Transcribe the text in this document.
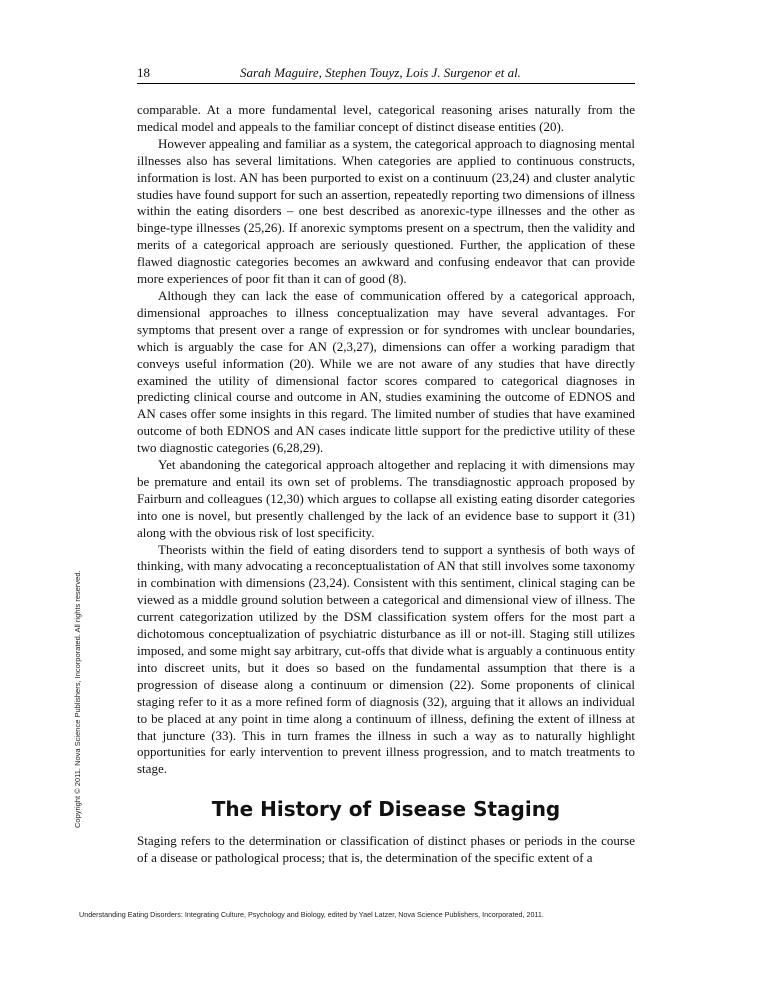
18	Sarah Maguire, Stephen Touyz, Lois J. Surgenor et al.

comparable. At a more fundamental level, categorical reasoning arises naturally from the medical model and appeals to the familiar concept of distinct disease entities (20).

However appealing and familiar as a system, the categorical approach to diagnosing mental illnesses also has several limitations. When categories are applied to continuous constructs, information is lost. AN has been purported to exist on a continuum (23,24) and cluster analytic studies have found support for such an assertion, repeatedly reporting two dimensions of illness within the eating disorders – one best described as anorexic-type illnesses and the other as binge-type illnesses (25,26). If anorexic symptoms present on a spectrum, then the validity and merits of a categorical approach are seriously questioned. Further, the application of these flawed diagnostic categories becomes an awkward and confusing endeavor that can provide more experiences of poor fit than it can of good (8).

Although they can lack the ease of communication offered by a categorical approach, dimensional approaches to illness conceptualization may have several advantages. For symptoms that present over a range of expression or for syndromes with unclear boundaries, which is arguably the case for AN (2,3,27), dimensions can offer a working paradigm that conveys useful information (20). While we are not aware of any studies that have directly examined the utility of dimensional factor scores compared to categorical diagnoses in predicting clinical course and outcome in AN, studies examining the outcome of EDNOS and AN cases offer some insights in this regard. The limited number of studies that have examined outcome of both EDNOS and AN cases indicate little support for the predictive utility of these two diagnostic categories (6,28,29).

Yet abandoning the categorical approach altogether and replacing it with dimensions may be premature and entail its own set of problems. The transdiagnostic approach proposed by Fairburn and colleagues (12,30) which argues to collapse all existing eating disorder categories into one is novel, but presently challenged by the lack of an evidence base to support it (31) along with the obvious risk of lost specificity.

Theorists within the field of eating disorders tend to support a synthesis of both ways of thinking, with many advocating a reconceptualistation of AN that still involves some taxonomy in combination with dimensions (23,24). Consistent with this sentiment, clinical staging can be viewed as a middle ground solution between a categorical and dimensional view of illness. The current categorization utilized by the DSM classification system offers for the most part a dichotomous conceptualization of psychiatric disturbance as ill or not-ill. Staging still utilizes imposed, and some might say arbitrary, cut-offs that divide what is arguably a continuous entity into discreet units, but it does so based on the fundamental assumption that there is a progression of disease along a continuum or dimension (22). Some proponents of clinical staging refer to it as a more refined form of diagnosis (32), arguing that it allows an individual to be placed at any point in time along a continuum of illness, defining the extent of illness at that juncture (33). This in turn frames the illness in such a way as to naturally highlight opportunities for early intervention to prevent illness progression, and to match treatments to stage.

The History of Disease Staging

Staging refers to the determination or classification of distinct phases or periods in the course of a disease or pathological process; that is, the determination of the specific extent of a

Copyright © 2011. Nova Science Publishers, Incorporated. All rights reserved.
Understanding Eating Disorders: Integrating Culture, Psychology and Biology, edited by Yael Latzer, Nova Science Publishers, Incorporated, 2011.
